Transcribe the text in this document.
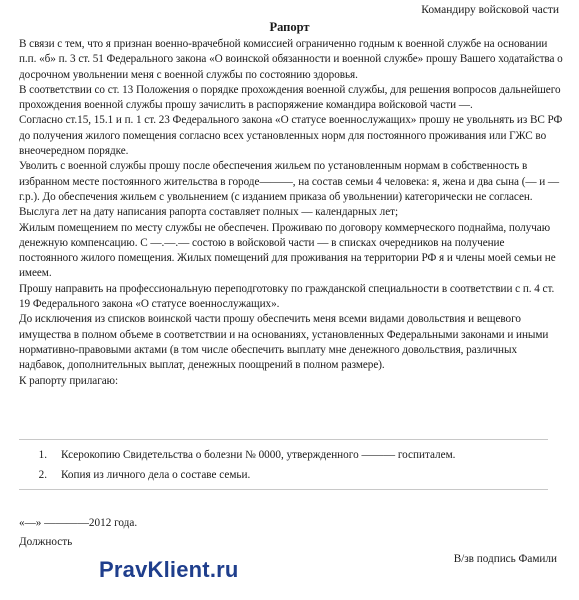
Командиру войсковой части
Рапорт

В связи с тем, что я признан военно-врачебной комиссией ограниченно годным к военной службе на основании п.п. «б» п. 3 ст. 51 Федерального закона «О воинской обязанности и военной службе» прошу Вашего ходатайства о досрочном увольнении меня с военной службы по состоянию здоровья.

В соответствии со ст. 13 Положения о порядке прохождения военной службы, для решения вопросов дальнейшего прохождения военной службы прошу зачислить в распоряжение командира войсковой части —.

Согласно ст.15, 15.1 и п. 1 ст. 23 Федерального закона «О статусе военнослужащих» прошу не увольнять из ВС РФ до получения жилого помещения согласно всех установленных норм для постоянного проживания или ГЖС во внеочередном порядке.

Уволить с военной службы прошу после обеспечения жильем по установленным нормам в собственность в избранном месте постоянного жительства в городе———, на состав семьи 4 человека: я, жена и два сына (— и — г.р.). До обеспечения жильем с увольнением (с изданием приказа об увольнении) категорически не согласен.

Выслуга лет на дату написания рапорта составляет полных — календарных лет;

Жилым помещением по месту службы не обеспечен. Проживаю по договору коммерческого поднайма, получаю денежную компенсацию. С —.—.— состою в войсковой части — в списках очередников на получение постоянного жилого помещения. Жилых помещений для проживания на территории РФ я и члены моей семьи не имеем.

Прошу направить на профессиональную переподготовку по гражданской специальности в соответствии с п. 4 ст. 19 Федерального закона «О статусе военнослужащих».

До исключения из списков воинской части прошу обеспечить меня всеми видами довольствия и вещевого имущества в полном объеме в соответствии и на основаниях, установленных Федеральными законами и иными нормативно-правовыми актами (в том числе обеспечить выплату мне денежного довольствия, различных надбавок, дополнительных выплат, денежных поощрений в полном размере).

К рапорту прилагаю:

1.	Ксерокопию Свидетельства о болезни № 0000, утвержденного ——— госпиталем.
2.	Копия из личного дела о составе семьи.
«—» ————2012 года.
Должность
В/зв подпись Фамили
PravKlient.ru
